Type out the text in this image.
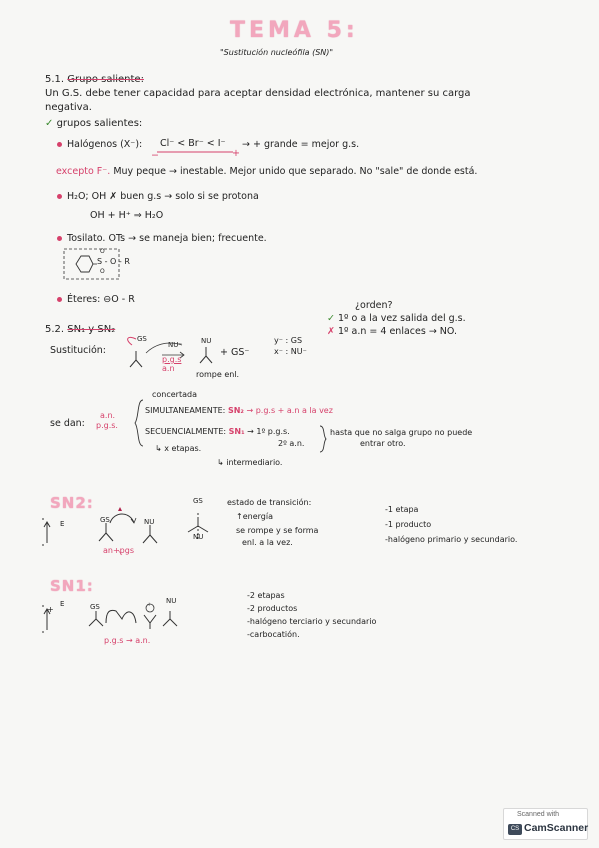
TEMA 5:
"Sustitución nucleófila (SN)"
5.1. Grupo saliente:
Un G.S. debe tener capacidad para aceptar densidad electrónica, mantener su carga
negativa.
✓ grupos salientes:
Halógenos (X⁻): Cl⁻ < Br⁻ < I⁻
−	+
→ + grande = mejor g.s.
excepto F⁻. Muy peque → inestable. Mejor unido que separado. No "sale" de donde está.
H₂O; OH ✗ buen g.s → solo si se protona
OH + H⁺ ⇒ H₂O
Tosilato. OTs → se maneja bien; frecuente.
S - O - R
O
O
Éteres: ⊖O - R
¿orden?
✓ 1º o a la vez salida del g.s.
✗ 1º a.n = 4 enlaces → NO.
5.2. SN₁ y SN₂
Sustitución:
GS
NU⁻	NU
p.g.s
a.n
+ GS⁻
rompe enl.
y⁻ : GS
x⁻ : NU⁻
concertada
se dan:
a.n.
p.g.s.
SIMULTANEAMENTE: SN₂ → p.g.s + a.n a la vez
SECUENCIALMENTE: SN₁ → 1º p.g.s.
2º a.n.
hasta que no salga grupo no puede
entrar otro.
↳ x etapas.
↳ intermediario.
SN2:
E	GS	NU
an+pgs
GS
NU
estado de transición:
↑energía
se rompe y se forma
enl. a la vez.
-1 etapa
-1 producto
-halógeno primario y secundario.
SN1:
+
E	GS	+ NU
p.g.s → a.n.
-2 etapas
-2 productos
-halógeno terciario y secundario
-carbocatión.
Scanned with
CS CamScanner
